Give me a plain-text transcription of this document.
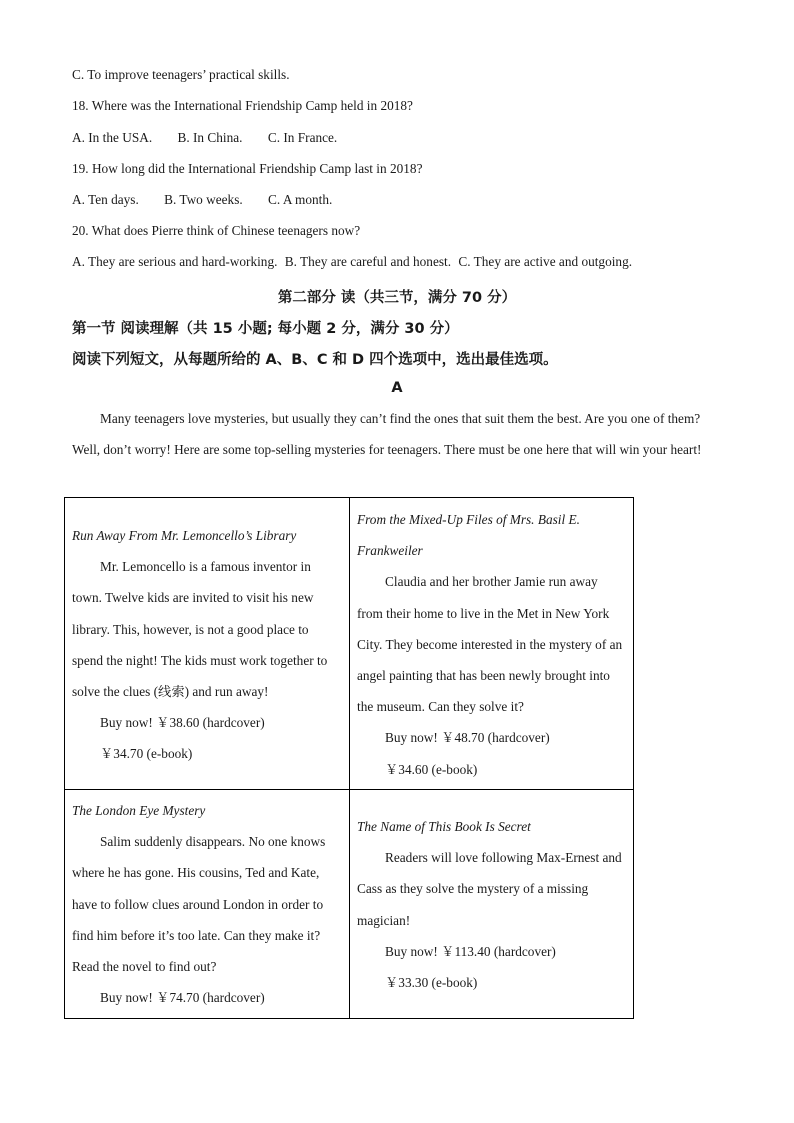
C. To improve teenagers’ practical skills.
18. Where was the International Friendship Camp held in 2018?
A. In the USA. B. In China. C. In France.
19. How long did the International Friendship Camp last in 2018?
A. Ten days. B. Two weeks. C. A month.
20. What does Pierre think of Chinese teenagers now?
A. They are serious and hard-working. B. They are careful and honest. C. They are active and outgoing.
第二部分 读（共三节，满分 70 分）
第一节 阅读理解（共 15 小题; 每小题 2 分，满分 30 分）
阅读下列短文，从每题所给的 A、B、C 和 D 四个选项中，选出最佳选项。
A
Many teenagers love mysteries, but usually they can’t find the ones that suit them the best. Are you one of them? Well, don’t worry! Here are some top-selling mysteries for teenagers. There must be one here that will win your heart!
Run Away From Mr. Lemoncello’s Library
Mr. Lemoncello is a famous inventor in town. Twelve kids are invited to visit his new library. This, however, is not a good place to spend the night! The kids must work together to solve the clues (线索) and run away!
Buy now! ￥38.60 (hardcover)
￥34.70 (e-book)
From the Mixed-Up Files of Mrs. Basil E. Frankweiler
Claudia and her brother Jamie run away from their home to live in the Met in New York City. They become interested in the mystery of an angel painting that has been newly brought into the museum. Can they solve it?
Buy now! ￥48.70 (hardcover)
￥34.60 (e-book)
The London Eye Mystery
Salim suddenly disappears. No one knows where he has gone. His cousins, Ted and Kate, have to follow clues around London in order to find him before it’s too late. Can they make it? Read the novel to find out?
Buy now! ￥74.70 (hardcover)
The Name of This Book Is Secret
Readers will love following Max-Ernest and Cass as they solve the mystery of a missing magician!
Buy now! ￥113.40 (hardcover)
￥33.30 (e-book)
